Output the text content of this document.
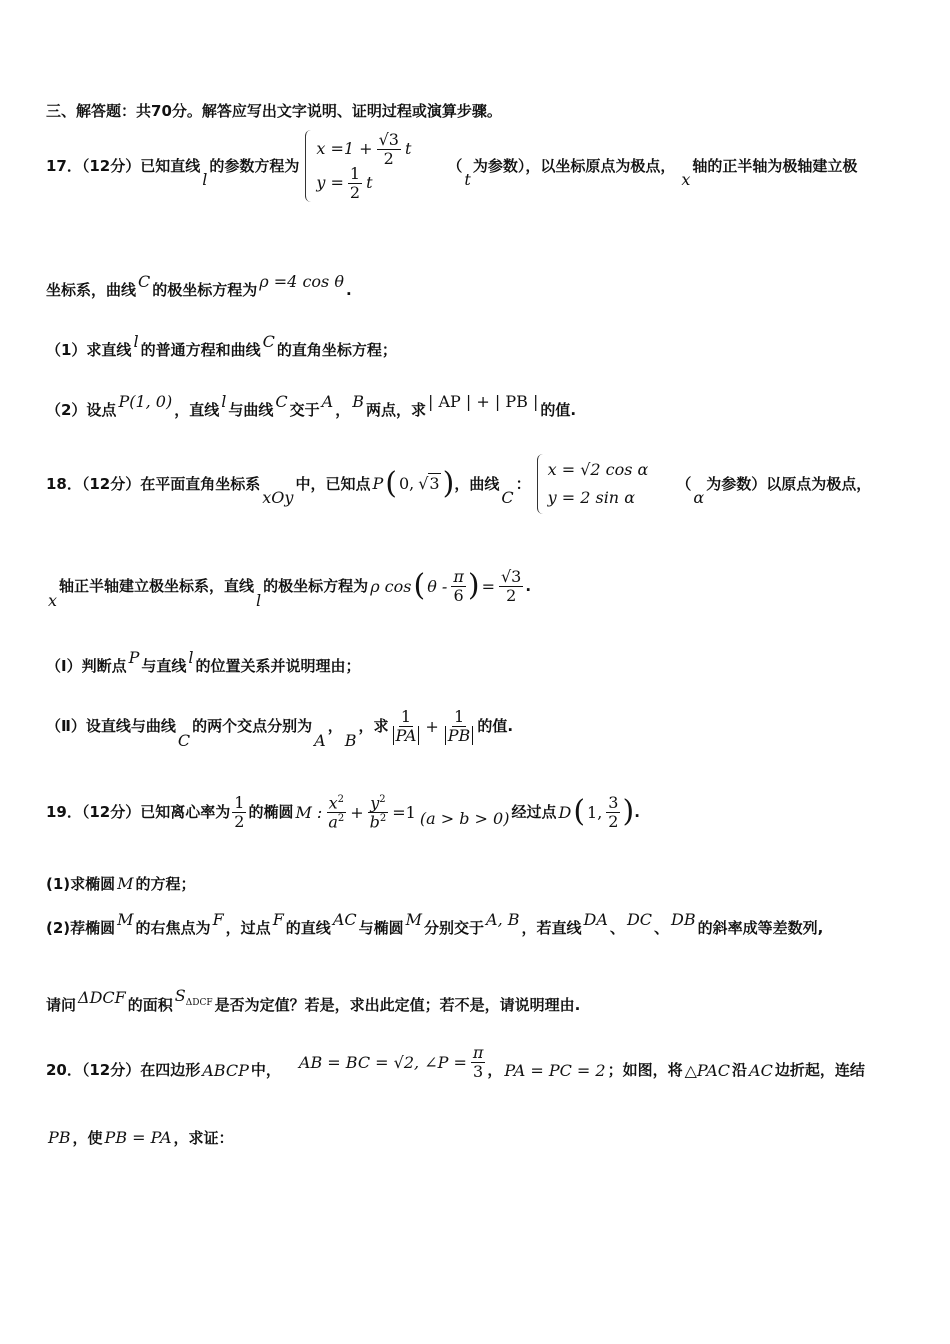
三、解答题：共70分。解答应写出文字说明、证明过程或演算步骤。
17．（12分）已知直线
l
的参数方程为
$x =1 + \frac{√3}{2}$ t
$y = \frac{1}{2}$ t
（
t
为参数），以坐标原点为极点，
x
轴的正半轴为极轴建立极
坐标系，曲线 C 的极坐标方程为 ρ =4 cos θ .
（1）求直线 l 的普通方程和曲线 C 的直角坐标方程；
（2）设点 P(1, 0) ，直线 l 与曲线 C 交于 A ， B 两点，求 | AP | + | PB | 的值.
18．（12分）在平面直角坐标系
xOy
中，已知点 P ( 0, √3 ) ，曲线
C
：
x = √2 cos α
y = 2 sin α
（
α
为参数）以原点为极点，
x
轴正半轴建立极坐标系，直线
l
的极坐标方程为 ρ cos ( θ - $\frac{\pi}{6}$ ) = $\frac{√3}{2}$ .
（Ⅰ）判断点 P 与直线 l 的位置关系并说明理由；
（Ⅱ）设直线与曲线
C
的两个交点分别为
A
，
B
，求 $\frac{1}{PA} + \frac{1}{PB}$ 的值.
19．（12分）已知离心率为 $\frac{1}{2}$ 的椭圆 M : $\frac{x^2}{a^2} + \frac{y^2}{b^2} =1$ (a > b > 0) 经过点 D ( 1, $\frac{3}{2}$ ) .
(1)求椭圆 M 的方程；
(2)荐椭圆 M 的右焦点为 F ，过点 F 的直线 AC 与椭圆 M 分别交于 A, B ，若直线 DA 、 DC 、 DB 的斜率成等差数列,
请问 ΔDCF 的面积
$S_{\Delta DCF}$ 是否为定值？若是，求出此定值；若不是，请说明理由.
20．（12分）在四边形 ABCP 中， AB = BC = √2, ∠P = $\frac{\pi}{3}$ ， PA = PC = 2 ；如图，将 △PAC 沿 AC 边折起，连结
PB ，使 PB = PA ，求证：
